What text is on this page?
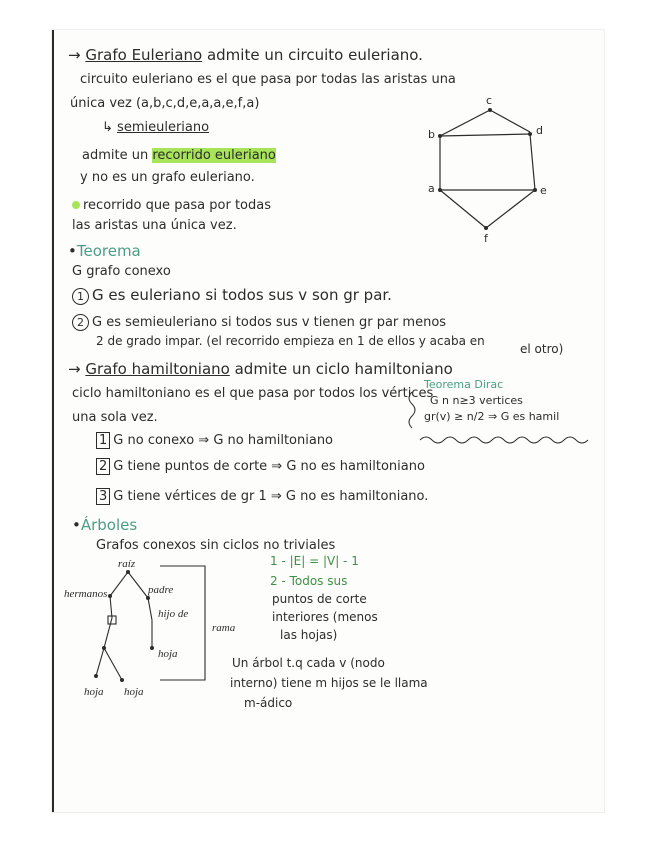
→ Grafo Euleriano admite un circuito euleriano.
circuito euleriano es el que pasa por todas las aristas una
única vez (a,b,c,d,e,a,a,e,f,a)
↳ semieuleriano
admite un recorrido euleriano
y no es un grafo euleriano.
recorrido que pasa por todas
las aristas una única vez.
b
c
d
a	e
f
•Teorema
G grafo conexo
1 G es euleriano si todos sus v son gr par.
2 G es semieuleriano si todos sus v tienen gr par menos
2 de grado impar. (el recorrido empieza en 1 de ellos y acaba en
el otro)
→ Grafo hamiltoniano admite un ciclo hamiltoniano
ciclo hamiltoniano es el que pasa por todos los vértices
una sola vez.
Teorema Dirac
G n n≥3 vertices
gr(v) ≥ n/2 ⇒ G es hamil
1 G no conexo ⇒ G no hamiltoniano
2 G tiene puntos de corte ⇒ G no es hamiltoniano
3 G tiene vértices de gr 1 ⇒ G no es hamiltoniano.
•Árboles
Grafos conexos sin ciclos no triviales
raíz
padre
hermanos
hijo de
rama
hoja
hoja hoja
1 - |E| = |V| - 1
2 - Todos sus
puntos de corte
interiores (menos
las hojas)
Un árbol t.q cada v (nodo
interno) tiene m hijos se le llama
m-ádico
